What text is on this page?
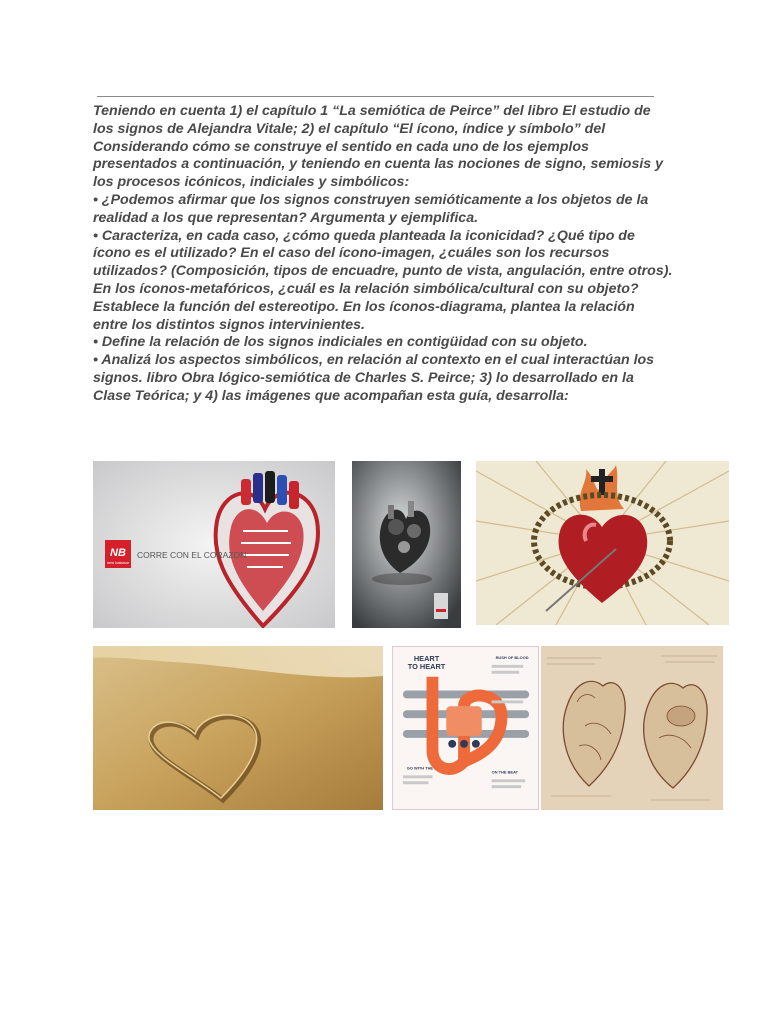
Teniendo en cuenta 1) el capítulo 1 “La semiótica de Peirce” del libro El estudio de los signos de Alejandra Vitale; 2) el capítulo “El ícono, índice y símbolo” del Considerando cómo se construye el sentido en cada uno de los ejemplos presentados a continuación, y teniendo en cuenta las nociones de signo, semiosis y los procesos icónicos, indiciales y simbólicos:

• ¿Podemos afirmar que los signos construyen semióticamente a los objetos de la realidad a los que representan? Argumenta y ejemplifica.

• Caracteriza, en cada caso, ¿cómo queda planteada la iconicidad? ¿Qué tipo de ícono es el utilizado? En el caso del ícono-imagen, ¿cuáles son los recursos utilizados? (Composición, tipos de encuadre, punto de vista, angulación, entre otros). En los íconos-metafóricos, ¿cuál es la relación simbólica/cultural con su objeto? Establece la función del estereotipo. En los íconos-diagrama, plantea la relación entre los distintos signos intervinientes.

• Define la relación de los signos indiciales en contigüidad con su objeto.

• Analizá los aspectos simbólicos, en relación al contexto en el cual interactúan los signos. libro Obra lógico-semiótica de Charles S. Peirce; 3) lo desarrollado en la Clase Teórica; y 4) las imágenes que acompañan esta guía, desarrolla:

NB
new balance
CORRE CON EL CORAZON
HEART
TO HEART
RUSH OF BLOOD
GO WITH THE FLOW
ON THE BEAT
